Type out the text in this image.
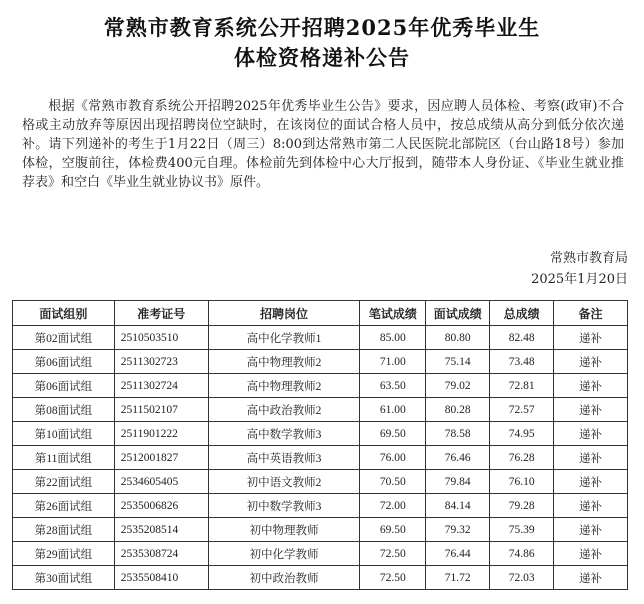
常熟市教育系统公开招聘2025年优秀毕业生
体检资格递补公告
根据《常熟市教育系统公开招聘2025年优秀毕业生公告》要求，因应聘人员体检、考察(政审)不合格或主动放弃等原因出现招聘岗位空缺时，在该岗位的面试合格人员中，按总成绩从高分到低分依次递补。请下列递补的考生于1月22日（周三）8:00到达常熟市第二人民医院北部院区（台山路18号）参加体检，空腹前往，体检费400元自理。体检前先到体检中心大厅报到，随带本人身份证、《毕业生就业推荐表》和空白《毕业生就业协议书》原件。
常熟市教育局
2025年1月20日
面试组别	准考证号	招聘岗位	笔试成绩	面试成绩	总成绩	备注
第02面试组	2510503510	高中化学教师1	85.00	80.80	82.48	递补
第06面试组	2511302723	高中物理教师2	71.00	75.14	73.48	递补
第06面试组	2511302724	高中物理教师2	63.50	79.02	72.81	递补
第08面试组	2511502107	高中政治教师2	61.00	80.28	72.57	递补
第10面试组	2511901222	高中数学教师3	69.50	78.58	74.95	递补
第11面试组	2512001827	高中英语教师3	76.00	76.46	76.28	递补
第22面试组	2534605405	初中语文教师2	70.50	79.84	76.10	递补
第26面试组	2535006826	初中数学教师3	72.00	84.14	79.28	递补
第28面试组	2535208514	初中物理教师	69.50	79.32	75.39	递补
第29面试组	2535308724	初中化学教师	72.50	76.44	74.86	递补
第30面试组	2535508410	初中政治教师	72.50	71.72	72.03	递补
